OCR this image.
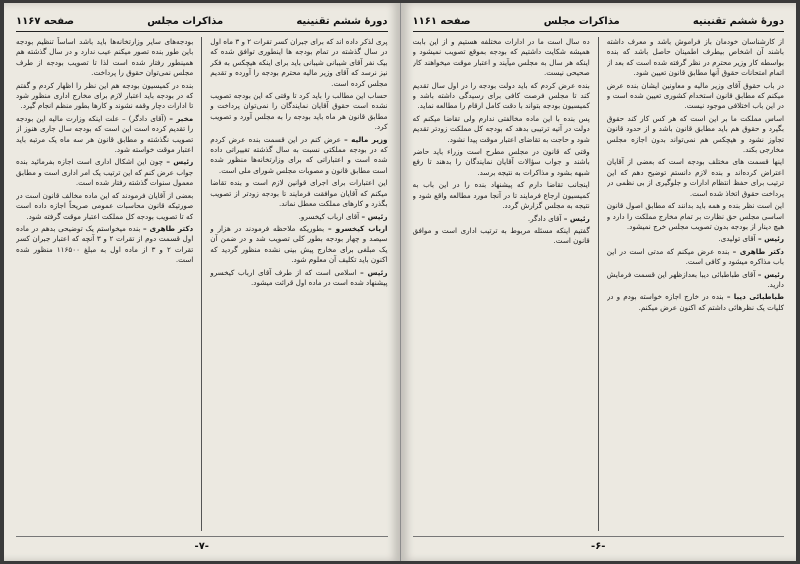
دورهٔ ششم تقنینیه
مذاکرات مجلس
صفحه ۱۱۶۷

پری لذکر داده اند که برای جبران کسر تقرات ۲ و ۳ ماه اول در سال گذشته در تمام بودجه ها اینطوری توافق شده که بیک نفر آقای شیبانی شیبانی باید برای اینکه هیچکس به فکر نیز نرسد که آقای وزیر مالیه محترم بودجه را آورده و تقدیم مجلس کرده است.

حساب این مطالب را باید کرد تا وقتی که این بودجه تصویب نشده است حقوق آقایان نمایندگان را نمی‌توان پرداخت و مطابق قانون هر ماه باید بودجه را به مجلس آورد و تصویب کرد.

وزیر مالیه – عرض کنم در این قسمت بنده عرض کردم که در بودجه مملکتی نسبت به سال گذشته تغییراتی داده شده است و اعتباراتی که برای وزارتخانه‌ها منظور شده است مطابق قانون و مصوبات مجلس شورای ملی است.

این اعتبارات برای اجرای قوانین لازم است و بنده تقاضا میکنم که آقایان موافقت فرمایند تا بودجه زودتر از تصویب بگذرد و کارهای مملکت معطل نماند.

رئیس – آقای ارباب کیخسرو.

ارباب کیخسرو – بطوریکه ملاحظه فرمودند در هزار و سیصد و چهار بودجه بطور کلی تصویب شد و در ضمن آن یک مبلغی برای مخارج پیش بینی نشده منظور گردید که اکنون باید تکلیف آن معلوم شود.

رئیس – اسلامی است که از طرف آقای ارباب کیخسرو پیشنهاد شده است در ماده اول قرائت میشود.

بودجه‌های سایر وزارتخانه‌ها باید باشد اساساً تنظیم بودجه باین طور بنده تصور میکنم عیب ندارد و در سال گذشته هم همینطور رفتار شده است لذا تا تصویب بودجه از طرف مجلس نمی‌توان حقوق را پرداخت.

بنده در کمیسیون بودجه هم این نظر را اظهار کردم و گفتم که در بودجه باید اعتبار لازم برای مخارج اداری منظور شود تا ادارات دچار وقفه نشوند و کارها بطور منظم انجام گیرد.

مخبر – (آقای دادگر) – علت اینکه وزارت مالیه این بودجه را تقدیم کرده است این است که بودجه سال جاری هنوز از تصویب نگذشته و مطابق قانون هر سه ماه یک مرتبه باید اعتبار موقت خواسته شود.

رئیس – چون این اشکال اداری است اجازه بفرمائید بنده جواب عرض کنم که این ترتیب یک امر اداری است و مطابق معمول سنوات گذشته رفتار شده است.

بعضی از آقایان فرمودند که این ماده مخالف قانون است در صورتیکه قانون محاسبات عمومی صریحاً اجازه داده است که تا تصویب بودجه کل مملکت اعتبار موقت گرفته شود.

دکتر طاهری – بنده میخواستم یک توضیحی بدهم در ماده اول قسمت دوم از تقرات ۲ و ۳ آنچه که اعتبار جبران کسر تقرات ۲ و ۳ از ماده اول به مبلغ ۱۱۶۵۰۰ منظور شده است.

-۷-
دورهٔ ششم تقنینیه
مذاکرات مجلس
صفحه ۱۱۶۱

از کارشناسان خودمان باز فراموش باشد و معرف داشته باشند آن اشخاص بیطرف اطمینان حاصل باشد که بنده بواسطه کار وزیر محترم در نظر گرفته شده است که بعد از اتمام امتحانات حقوق آنها مطابق قانون تعیین شود.

در باب حقوق آقای وزیر مالیه و معاونین ایشان بنده عرض میکنم که مطابق قانون استخدام کشوری تعیین شده است و در این باب اختلافی موجود نیست.

اساس مملکت ما بر این است که هر کس کار کند حقوق بگیرد و حقوق هم باید مطابق قانون باشد و از حدود قانون تجاوز نشود و هیچکس هم نمی‌تواند بدون اجازه مجلس مخارجی بکند.

اینها قسمت های مختلف بودجه است که بعضی از آقایان اعتراض کرده‌اند و بنده لازم دانستم توضیح دهم که این ترتیب برای حفظ انتظام ادارات و جلوگیری از بی نظمی در پرداخت حقوق اتخاذ شده است.

این است نظر بنده و همه باید بدانند که مطابق اصول قانون اساسی مجلس حق نظارت بر تمام مخارج مملکت را دارد و هیچ دینار از بودجه بدون تصویب مجلس خرج نمیشود.

رئیس – آقای تولیدی.

دکتر طاهری – بنده عرض میکنم که مدتی است در این باب مذاکره میشود و کافی است.

رئیس – آقای طباطبائی دیبا بعدازظهر این قسمت فرمایش دارید.

طباطبائی دیبا – بنده در خارج اجازه خواسته بودم و در کلیات یک نظرهائی داشتم که اکنون عرض میکنم.

ده سال است ما در ادارات مختلفه هستیم و از این بابت همیشه شکایت داشتیم که بودجه بموقع تصویب نمیشود و اینکه هر سال به مجلس میآیند و اعتبار موقت میخواهند کار صحیحی نیست.

بنده عرض کردم که باید دولت بودجه را در اول سال تقدیم کند تا مجلس فرصت کافی برای رسیدگی داشته باشد و کمیسیون بودجه بتواند با دقت کامل ارقام را مطالعه نماید.

پس بنده با این ماده مخالفتی ندارم ولی تقاضا میکنم که دولت در آتیه ترتیبی بدهد که بودجه کل مملکت زودتر تقدیم شود و حاجت به تقاضای اعتبار موقت پیدا نشود.

وقتی که قانون در مجلس مطرح است وزراء باید حاضر باشند و جواب سؤالات آقایان نمایندگان را بدهند تا رفع شبهه بشود و مذاکرات به نتیجه برسد.

اینجانب تقاضا دارم که پیشنهاد بنده را در این باب به کمیسیون ارجاع فرمایند تا در آنجا مورد مطالعه واقع شود و نتیجه به مجلس گزارش گردد.

رئیس – آقای دادگر.

گفتیم اینکه مسئله مربوط به ترتیب اداری است و موافق قانون است.

-۶-
